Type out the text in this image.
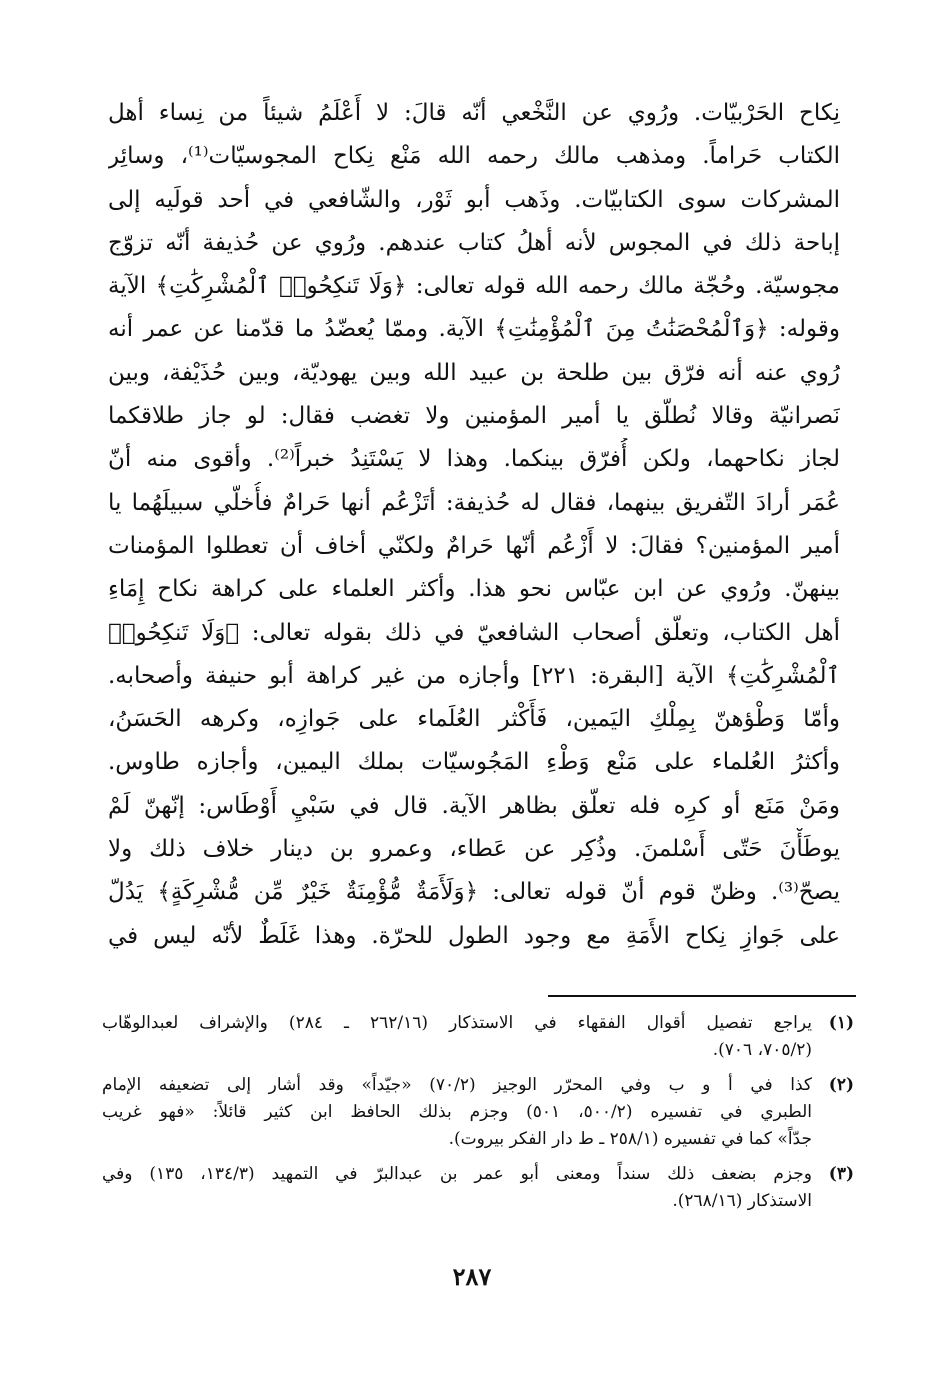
نِكاح الحَرْبيّات. ورُوي عن النَّخْعي أنّه قالَ: لا أَعْلَمُ شيئاً من نِساء أهل
الكتاب حَراماً. ومذهب مالك رحمه الله مَنْع نِكاح المجوسيّات⁽¹⁾، وسائِر
المشركات سوى الكتابيّات. وذَهب أبو ثَوْر، والشّافعي في أحد قولَيه إلى
إباحة ذلك في المجوس لأنه أهلُ كتاب عندهم. ورُوي عن حُذيفة أنّه تزوّج
مجوسيّة. وحُجّة مالك رحمه الله قوله تعالى: ﴿وَلَا تَنكِحُوا۟ ٱلْمُشْرِكَٰتِ﴾ الآية
وقوله: ﴿وَٱلْمُحْصَنَٰتُ مِنَ ٱلْمُؤْمِنَٰتِ﴾ الآية. وممّا يُعضّدُ ما قدّمنا عن عمر أنه
رُوي عنه أنه فرّق بين طلحة بن عبيد الله وبين يهوديّة، وبين حُذَيْفة، وبين
نَصرانيّة وقالا نُطلّق يا أمير المؤمنين ولا تغضب فقال: لو جاز طلاقكما
لجاز نكاحهما، ولكن أُفرّق بينكما. وهذا لا يَسْتَنِدُ خبراً⁽²⁾. وأقوى منه أنّ
عُمَر أرادَ التّفريق بينهما، فقال له حُذيفة: أتَزْعُم أنها حَرامٌ فأُخلّي سبيلَهُما يا
أمير المؤمنين؟ فقالَ: لا أَزْعُم أنّها حَرامٌ ولكنّي أخاف أن تعطلوا المؤمنات
بينهنّ. ورُوي عن ابن عبّاس نحو هذا. وأكثر العلماء على كراهة نكاح إِمَاءِ
أهل الكتاب، وتعلّق أصحاب الشافعيّ في ذلك بقوله تعالى: ﴿وَلَا تَنكِحُوا۟
ٱلْمُشْرِكَٰتِ﴾ الآية [البقرة: ٢٢١] وأجازه من غير كراهة أبو حنيفة وأصحابه.
وأمّا وَطْؤهنّ بِمِلْكِ اليَمين، فَأَكْثر العُلَماء على جَوازِه، وكرهه الحَسَنُ،
وأكثرُ العُلماء على مَنْع وَطْءِ المَجُوسيّات بملك اليمين، وأجازه طاوس.
ومَنْ مَنَع أو كرِه فله تعلّق بظاهر الآية. قال في سَبْيِ أَوْطَاس: إنّهنّ لَمْ
يوطَأْنَ حَتّى أَسْلمنَ. وذُكِر عن عَطاء، وعمرو بن دينار خلاف ذلك ولا
يصحّ⁽³⁾. وظنّ قوم أنّ قوله تعالى: ﴿وَلَأَمَةٌ مُّؤْمِنَةٌ خَيْرٌ مِّن مُّشْرِكَةٍ﴾ يَدُلّ
على جَوازِ نِكاح الأَمَةِ مع وجود الطول للحرّة. وهذا غَلَطٌ لأنّه ليس في
(١)
يراجع تفصيل أقوال الفقهاء في الاستذكار (٢٦٢/١٦ ـ ٢٨٤) والإشراف لعبدالوهّاب
(٧٠٥/٢، ٧٠٦).
(٢)
كذا في أ و ب وفي المحرّر الوجيز (٧٠/٢) «جيّداً» وقد أشار إلى تضعيفه الإمام
الطبري في تفسيره (٥٠٠/٢، ٥٠١) وجزم بذلك الحافظ ابن كثير قائلاً: «فهو غريب
جدّاً» كما في تفسيره (٢٥٨/١ ـ ط دار الفكر بيروت).
(٣)
وجزم بضعف ذلك سنداً ومعنى أبو عمر بن عبدالبرّ في التمهيد (١٣٤/٣، ١٣٥) وفي
الاستذكار (٢٦٨/١٦).
٢٨٧
